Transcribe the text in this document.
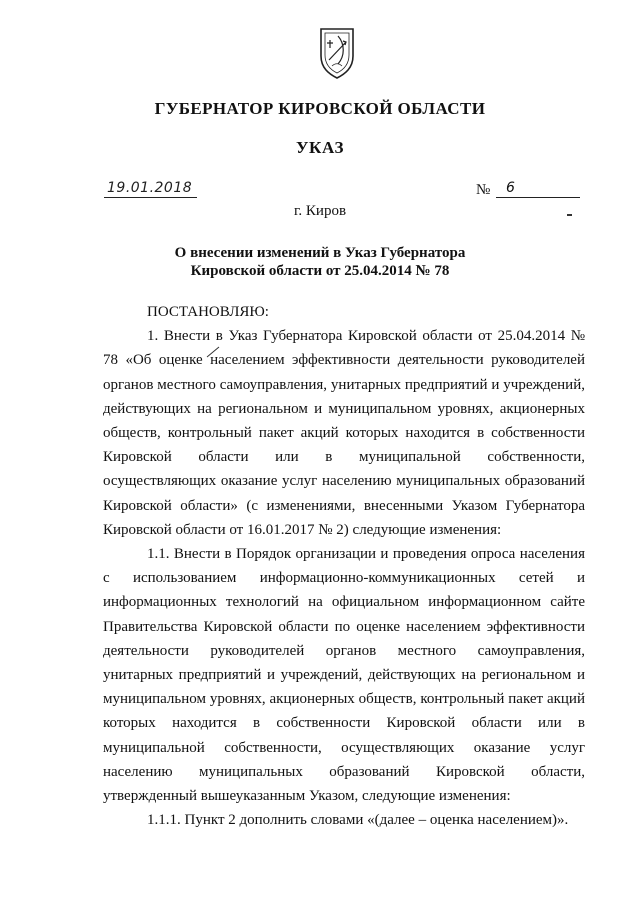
ГУБЕРНАТОР КИРОВСКОЙ ОБЛАСТИ
УКАЗ
19.01.2018	№ 6
г. Киров
О внесении изменений в Указ Губернатора
Кировской области от 25.04.2014 № 78

ПОСТАНОВЛЯЮ:

1. Внести в Указ Губернатора Кировской области от 25.04.2014 № 78 «Об оценке населением эффективности деятельности руководителей органов местного самоуправления, унитарных предприятий и учреждений, действующих на региональном и муниципальном уровнях, акционерных обществ, контрольный пакет акций которых находится в собственности Кировской области или в муниципальной собственности, осуществляющих оказание услуг населению муниципальных образований Кировской области» (с изменениями, внесенными Указом Губернатора Кировской области от 16.01.2017 № 2) следующие изменения:

1.1. Внести в Порядок организации и проведения опроса населения с использованием информационно-коммуникационных сетей и информационных технологий на официальном информационном сайте Правительства Кировской области по оценке населением эффективности деятельности руководителей органов местного самоуправления, унитарных предприятий и учреждений, действующих на региональном и муниципальном уровнях, акционерных обществ, контрольный пакет акций которых находится в собственности Кировской области или в муниципальной собственности, осуществляющих оказание услуг населению муниципальных образований Кировской области, утвержденный вышеуказанным Указом, следующие изменения:

1.1.1. Пункт 2 дополнить словами «(далее – оценка населением)».
